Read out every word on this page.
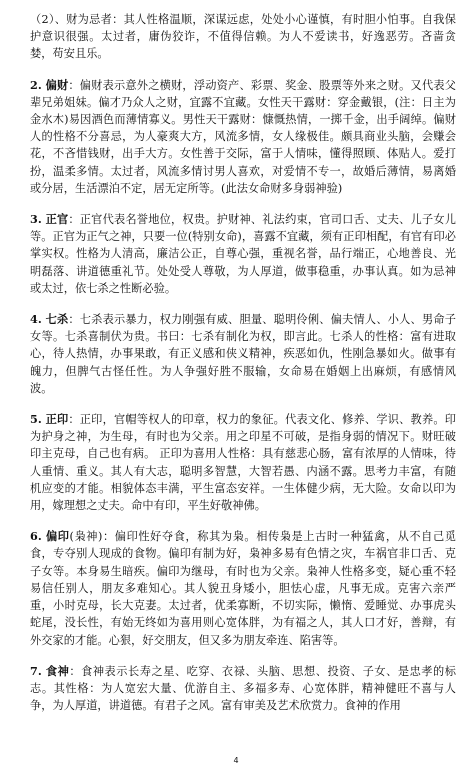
（2）、财为忌者：其人性格温顺，深谋远虑，处处小心谨慎，有时胆小怕事。自我保护意识很强。太过者，庸伪狡诈，不值得信赖。为人不爱读书，好逸恶劳。吝啬贪婪，苟安且乐。

2. 偏财：偏财表示意外之横财，浮动资产、彩票、奖金、股票等外来之财。又代表父辈兄弟姐妹。偏才乃众人之财，宜露不宜藏。女性天干露财：穿金戴银，(注：日主为金水木)易因酒色而薄情寡义。男性天干露财：慷慨热情，一掷千金，出手阔绰。偏财人的性格不分喜忌，为人豪爽大方，风流多情，女人缘极佳。颇具商业头脑，会赚会花，不吝惜钱财，出手大方。女性善于交际，富于人情味，懂得照顾、体贴人。爱打扮，温柔多情。太过者，风流多情讨男人喜欢，对爱情不专一，故婚后薄情，易离婚或分居，生活漂泊不定，居无定所等。(此法女命财多身弱神验)

3. 正官：正官代表名誉地位，权贵。护财神、礼法约束，官司口舌、丈夫、儿子女儿等。正官为正气之神，只要一位(特别女命)，喜露不宜藏，须有正印相配，有官有印必掌实权。性格为人清高，廉洁公正，自尊心强，重视名誉，品行端正，心地善良、光明磊落、讲道德重礼节。处处受人尊敬，为人厚道，做事稳重，办事认真。如为忌神或太过，依七杀之性断必验。

4. 七杀：七杀表示暴力，权力刚强有威、胆量、聪明伶俐、偏夫情人、小人、男命子女等。七杀喜制伏为贵。书曰：七杀有制化为权，即言此。七杀人的性格：富有进取心，待人热情，办事果敢，有正义感和侠义精神，疾恶如仇，性刚急暴如火。做事有魄力，但脾气古怪任性。为人争强好胜不服输，女命易在婚姻上出麻烦，有感情风波。

5. 正印：正印，官帽等权人的印章，权力的象征。代表文化、修养、学识、教养。印为护身之神，为生母，有时也为父亲。用之印星不可破，是指身弱的情况下。财旺破印主克母，自己也有病。 正印为喜用人性格：具有慈悲心肠，富有浓厚的人情味，待人重情、重义。其人有大志，聪明多智慧，大智若愚、内涵不露。思考力丰富，有随机应变的才能。相貌体态丰满，平生富态安祥。一生体健少病，无大险。女命以印为用，嫁理想之丈夫。命中有印，平生好敬神佛。

6. 偏印(枭神)：偏印性好夺食，称其为枭。相传枭是上古时一种猛禽，从不自己觅食，专夺别人现成的食物。偏印有制为好，枭神多易有色情之灾，车祸官非口舌、克子女等。本身易生暗疾。偏印为继母，有时也为父亲。枭神人性格多变，疑心重不轻易信任别人，朋友多难知心。其人貌丑身矮小，胆怯心虚，凡事无成。克害六亲严重，小时克母，长大克妻。太过者，优柔寡断，不切实际，懒惰、爱睡觉、办事虎头蛇尾，没长性，有始无终如为喜用则心宽体胖，为有福之人，其人口才好，善辩，有外交家的才能。心狠，好交朋友，但又多为朋友牵连、陷害等。

7. 食神：食神表示长寿之星、吃穿、衣禄、头脑、思想、投资、子女、是忠孝的标志。其性格：为人宽宏大量、优游自主、多福多寿、心宽体胖，精神健旺不喜与人争，为人厚道，讲道德。有君子之风。富有审美及艺术欣赏力。食神的作用

4
